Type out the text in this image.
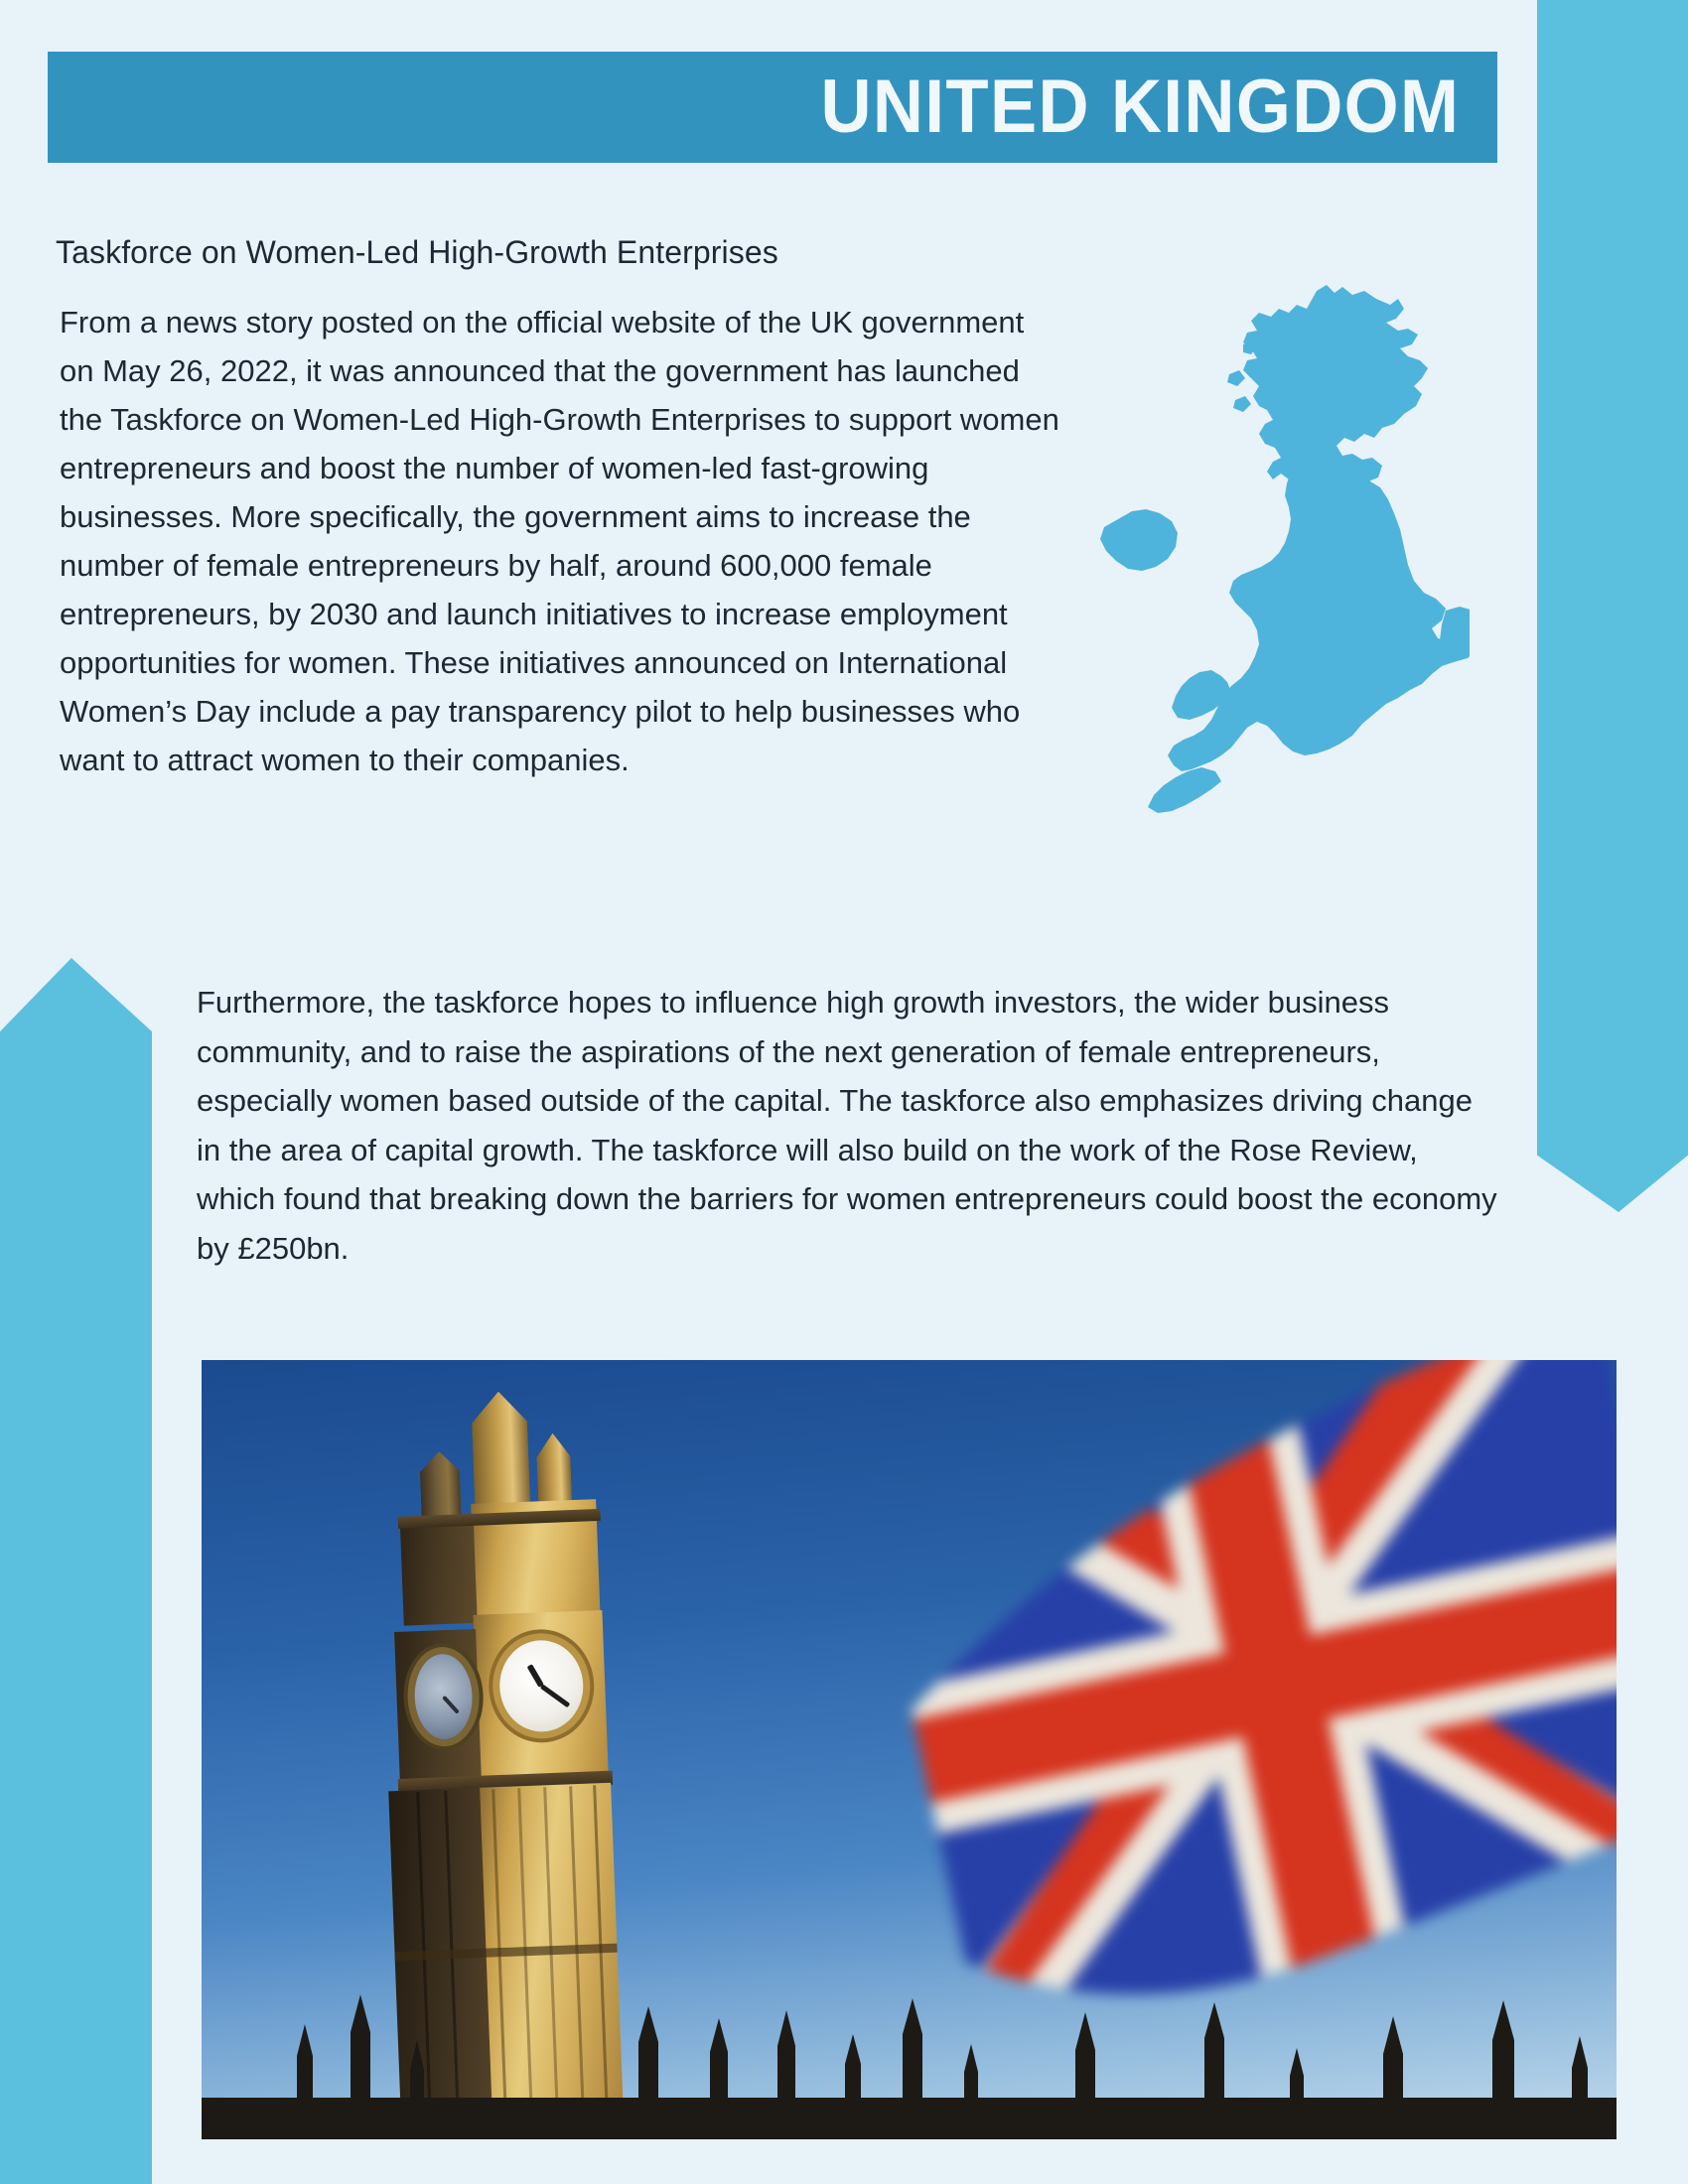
UNITED KINGDOM
Taskforce on Women-Led High-Growth Enterprises
From a news story posted on the official website of the UK government on May 26, 2022, it was announced that the government has launched the Taskforce on Women-Led High-Growth Enterprises to support women entrepreneurs and boost the number of women-led fast-growing businesses. More specifically, the government aims to increase the number of female entrepreneurs by half, around 600,000 female entrepreneurs, by 2030 and launch initiatives to increase employment opportunities for women. These initiatives announced on International Women’s Day include a pay transparency pilot to help businesses who want to attract women to their companies.
Furthermore, the taskforce hopes to influence high growth investors, the wider business community, and to raise the aspirations of the next generation of female entrepreneurs, especially women based outside of the capital. The taskforce also emphasizes driving change in the area of capital growth. The taskforce will also build on the work of the Rose Review, which found that breaking down the barriers for women entrepreneurs could boost the economy by £250bn.
